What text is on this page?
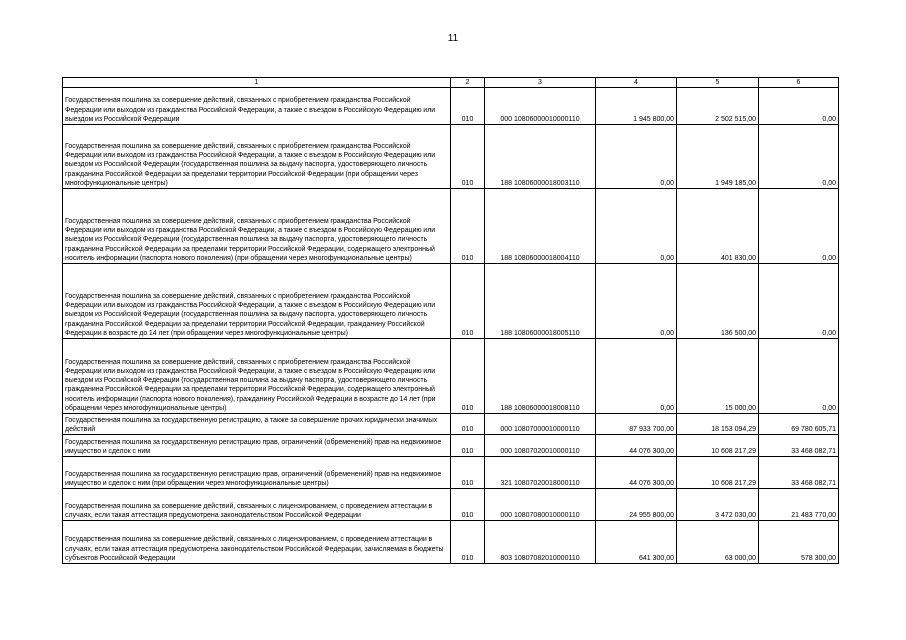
11
1	2	3	4	5	6

Государственная пошлина за совершение действий, связанных с приобретением гражданства Российской Федерации или выходом из гражданства Российской Федерации, а также с въездом в Российскую Федерацию или выездом из Российской Федерации	010	000 10806000010000110	1 945 800,00	2 502 515,00	0,00

Государственная пошлина за совершение действий, связанных с приобретением гражданства Российской Федерации или выходом из гражданства Российской Федерации, а также с въездом в Российскую Федерацию или выездом из Российской Федерации (государственная пошлина за выдачу паспорта, удостоверяющего личность гражданина Российской Федерации за пределами территории Российской Федерации (при обращении через многофункциональные центры)	010	188 10806000018003110	0,00	1 949 185,00	0,00

Государственная пошлина за совершение действий, связанных с приобретением гражданства Российской Федерации или выходом из гражданства Российской Федерации, а также с въездом в Российскую Федерацию или выездом из Российской Федерации (государственная пошлина за выдачу паспорта, удостоверяющего личность гражданина Российской Федерации за пределами территории Российской Федерации, содержащего электронный носитель информации (паспорта нового поколения) (при обращении через многофункциональные центры)	010	188 10806000018004110	0,00	401 830,00	0,00

Государственная пошлина за совершение действий, связанных с приобретением гражданства Российской Федерации или выходом из гражданства Российской Федерации, а также с въездом в Российскую Федерацию или выездом из Российской Федерации (государственная пошлина за выдачу паспорта, удостоверяющего личность гражданина Российской Федерации за пределами территории Российской Федерации, гражданину Российской Федерации в возрасте до 14 лет (при обращении через многофункциональные центры)	010	188 10806000018005110	0,00	136 500,00	0,00

Государственная пошлина за совершение действий, связанных с приобретением гражданства Российской Федерации или выходом из гражданства Российской Федерации, а также с въездом в Российскую Федерацию или выездом из Российской Федерации (государственная пошлина за выдачу паспорта, удостоверяющего личность гражданина Российской Федерации за пределами территории Российской Федерации, содержащего электронный носитель информации (паспорта нового поколения), гражданину Российской Федерации в возрасте до 14 лет (при обращении через многофункциональные центры)	010	188 10806000018008110	0,00	15 000,00	0,00

Государственная пошлина за государственную регистрацию, а также за совершение прочих юридически значимых действий	010	000 10807000010000110	87 933 700,00	18 153 094,29	69 780 605,71

Государственная пошлина за государственную регистрацию прав, ограничений (обременений) прав на недвижимое имущество и сделок с ним	010	000 10807020010000110	44 076 300,00	10 608 217,29	33 468 082,71

Государственная пошлина за государственную регистрацию прав, ограничений (обременений) прав на недвижимое имущество и сделок с ним (при обращении через многофункциональные центры)	010	321 10807020018000110	44 076 300,00	10 608 217,29	33 468 082,71

Государственная пошлина за совершение действий, связанных с лицензированием, с проведением аттестации в случаях, если такая аттестация предусмотрена законодательством Российской Федерации	010	000 10807080010000110	24 955 800,00	3 472 030,00	21 483 770,00

Государственная пошлина за совершение действий, связанных с лицензированием, с проведением аттестации в случаях, если такая аттестация предусмотрена законодательством Российской Федерации, зачисляемая в бюджеты субъектов Российской Федерации	010	803 10807082010000110	641 300,00	63 000,00	578 300,00
